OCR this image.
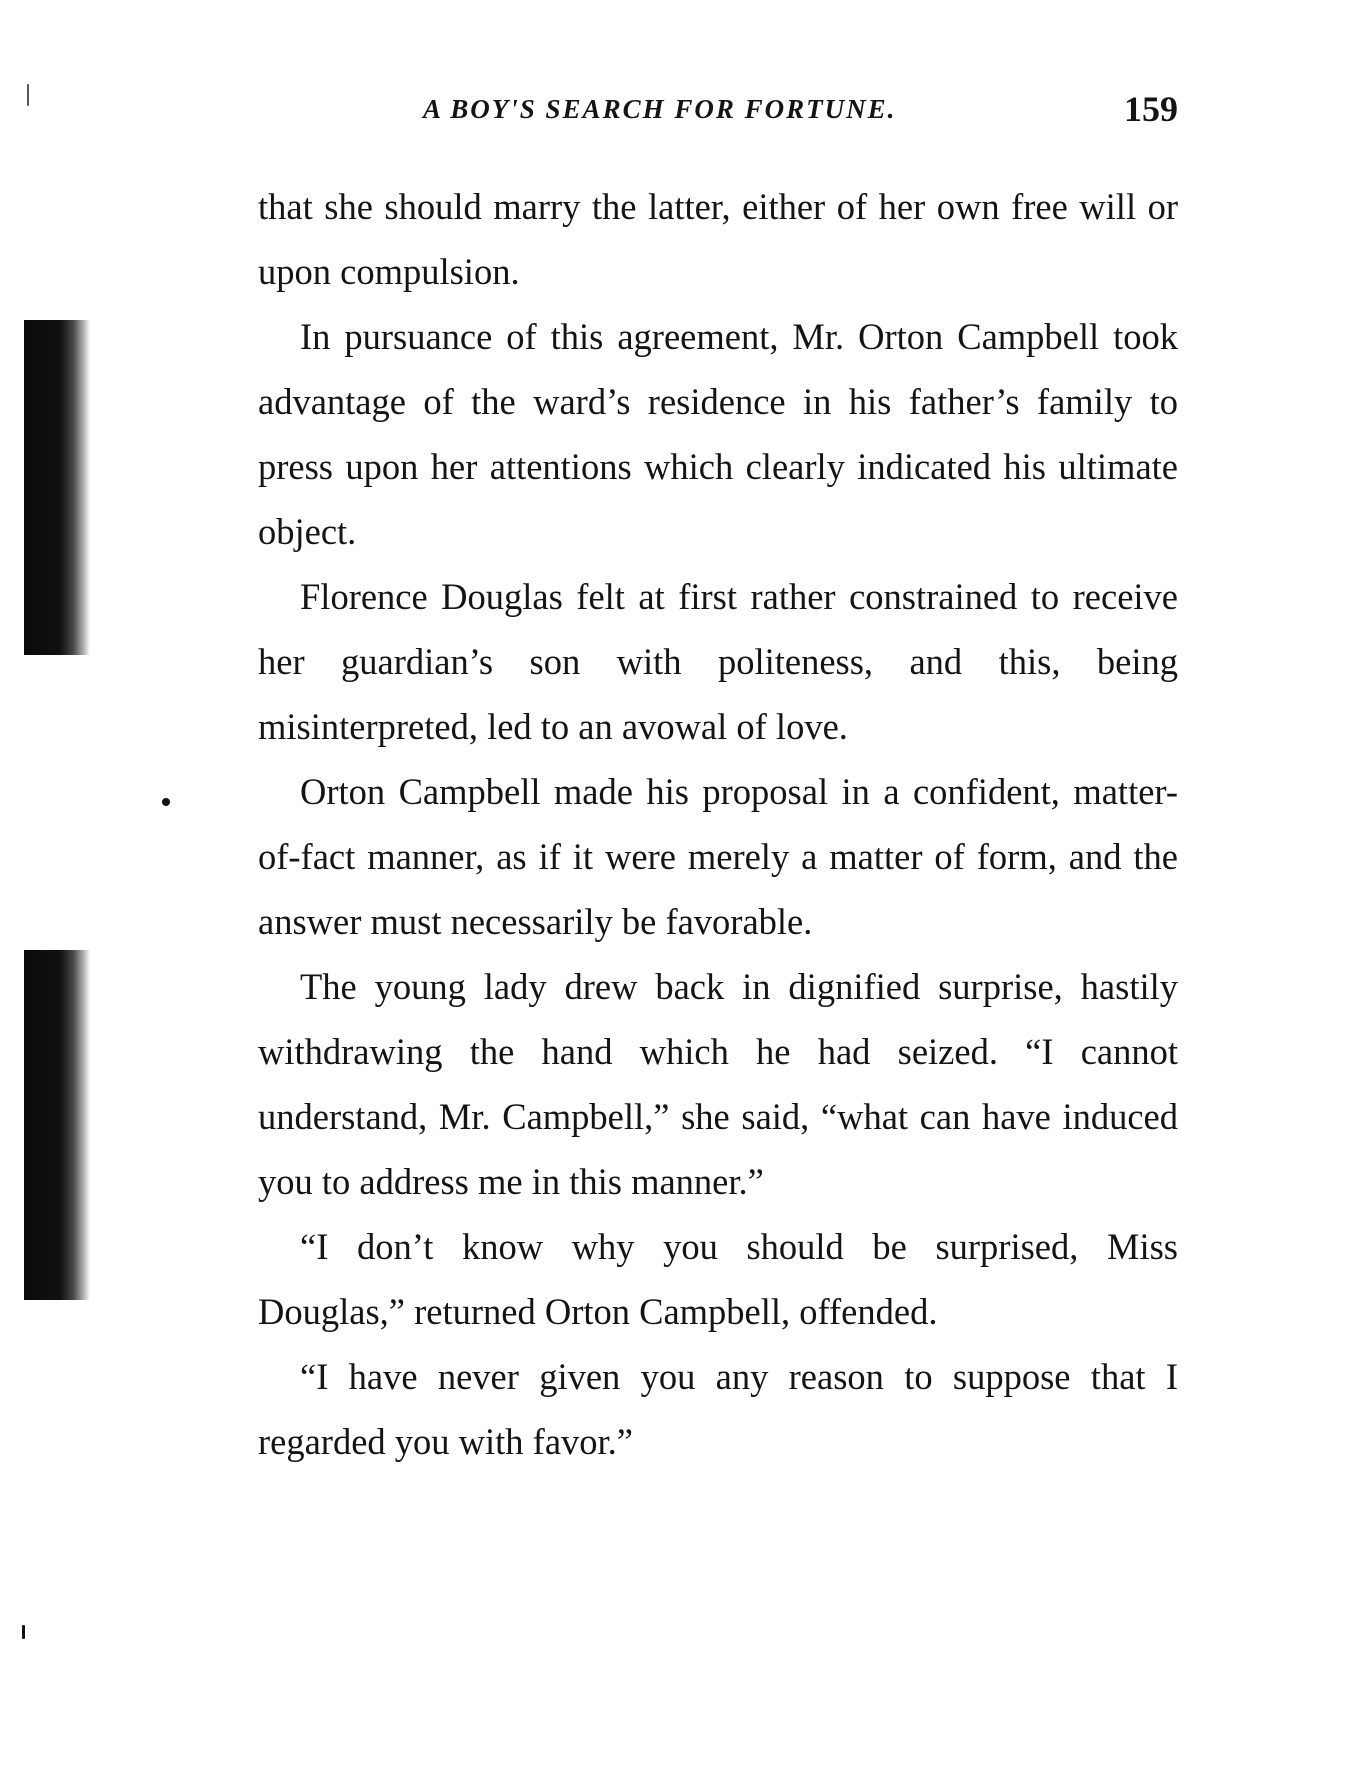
A BOY'S SEARCH FOR FORTUNE.	159

that she should marry the latter, either of her own free will or upon compulsion.

In pursuance of this agreement, Mr. Orton Campbell took advantage of the ward’s residence in his father’s family to press upon her attentions which clearly indicated his ultimate object.

Florence Douglas felt at first rather constrained to receive her guardian’s son with politeness, and this, being misinterpreted, led to an avowal of love.

Orton Campbell made his proposal in a confident, matter-of-fact manner, as if it were merely a matter of form, and the answer must necessarily be favorable.

The young lady drew back in dignified surprise, hastily withdrawing the hand which he had seized. “I cannot understand, Mr. Campbell,” she said, “what can have induced you to address me in this manner.”

“I don’t know why you should be surprised, Miss Douglas,” returned Orton Campbell, offended.

“I have never given you any reason to suppose that I regarded you with favor.”
